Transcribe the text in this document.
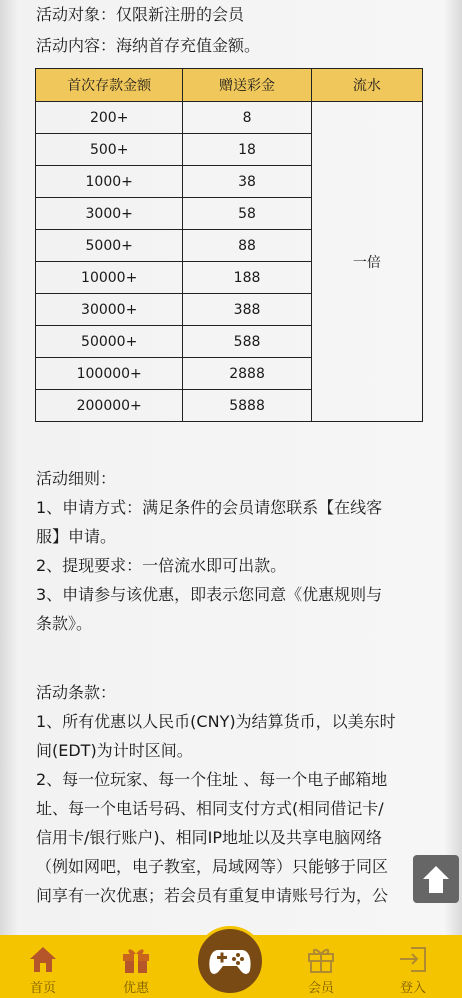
活动对象：仅限新注册的会员
活动内容：海纳首存充值金额。
首次存款金额	赠送彩金	流水
200+	8	一倍
500+	18	
1000+	38	
3000+	58	
5000+	88	
10000+	188	
30000+	388	
50000+	588	
100000+	2888	
200000+	5888	
活动细则：
1、申请方式：满足条件的会员请您联系【在线客
服】申请。
2、提现要求：一倍流水即可出款。
3、申请参与该优惠，即表示您同意《优惠规则与
条款》。
活动条款：
1、所有优惠以人民币(CNY)为结算货币，以美东时
间(EDT)为计时区间。
2、每一位玩家、每一个住址 、每一个电子邮箱地
址、每一个电话号码、相同支付方式(相同借记卡/
信用卡/银行账户)、相同IP地址以及共享电脑网络
（例如网吧，电子教室，局域网等）只能够于同区
间享有一次优惠；若会员有重复申请账号行为，公
首页	优惠	会员	登入
